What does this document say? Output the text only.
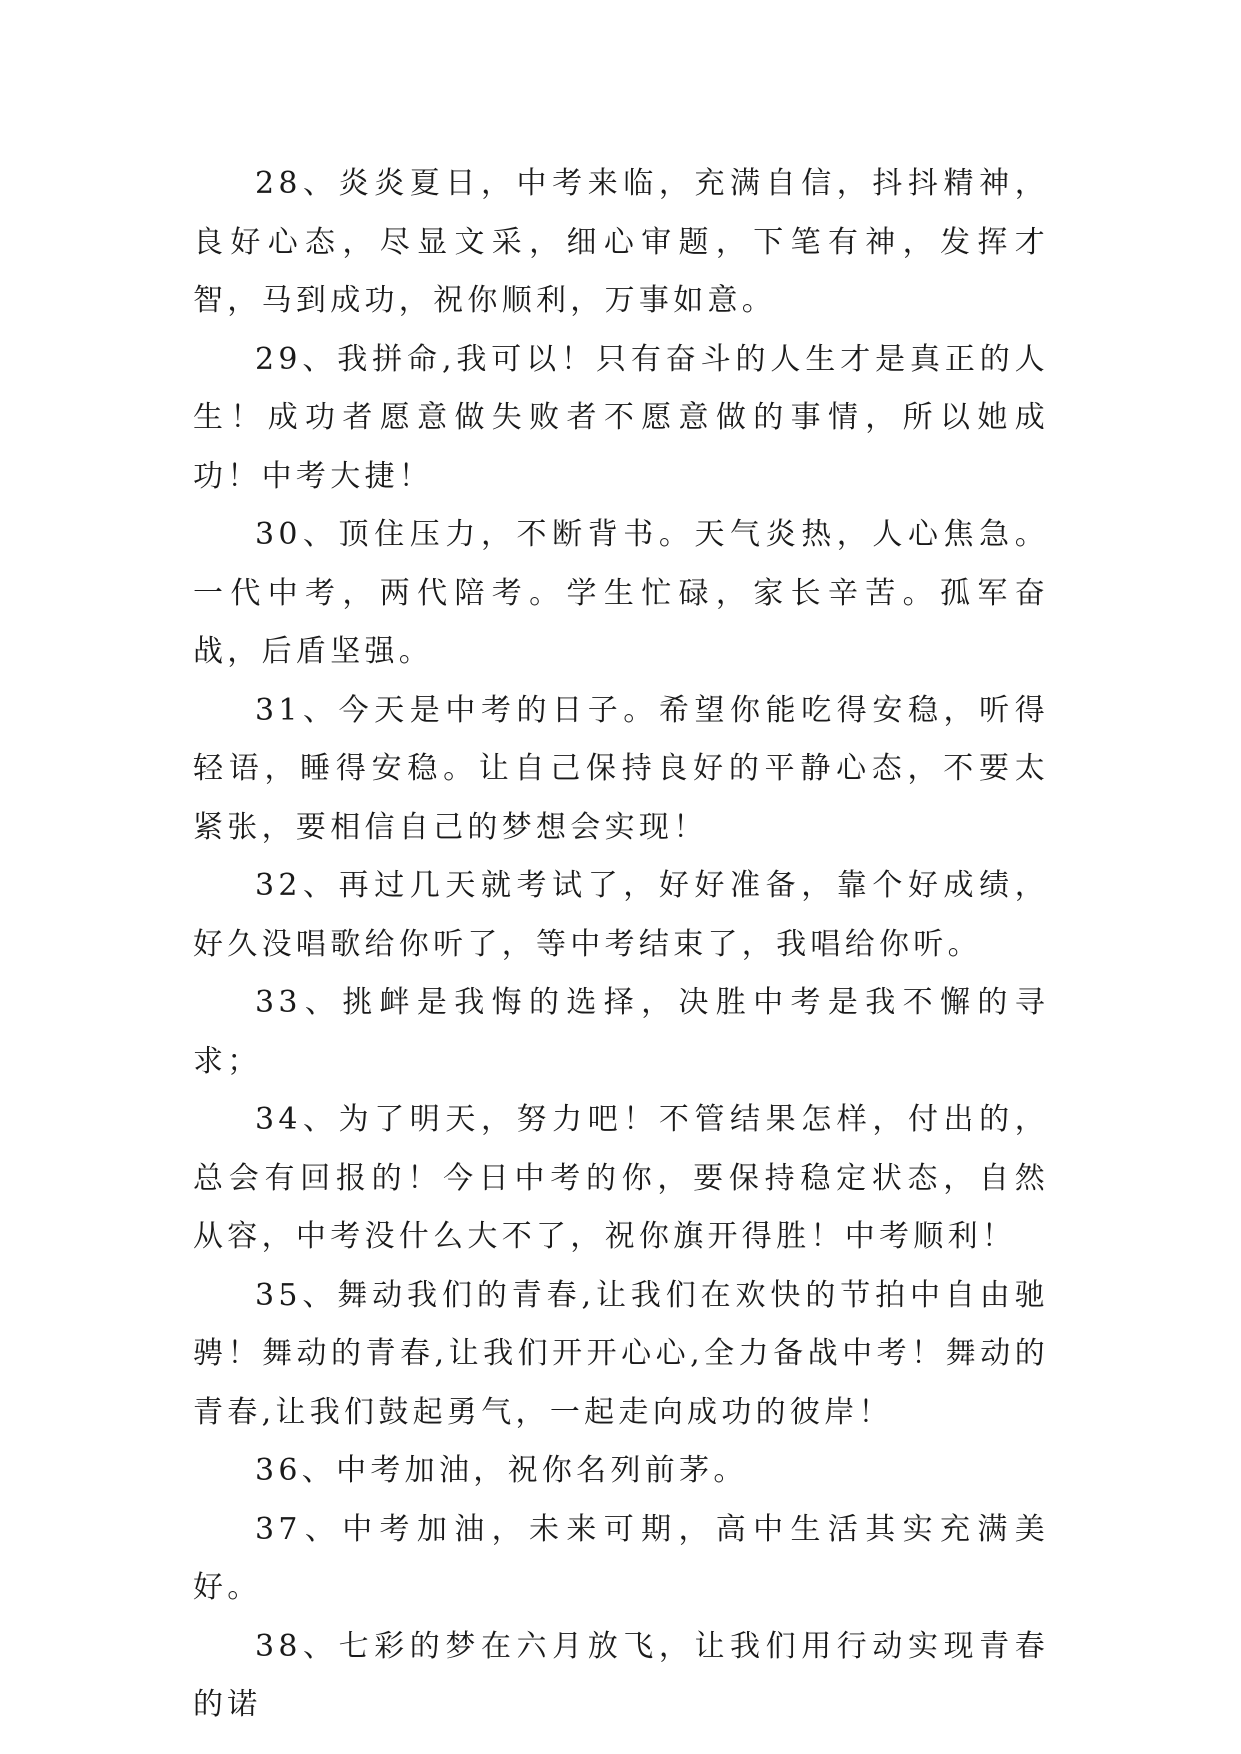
28、炎炎夏日，中考来临，充满自信，抖抖精神，良好心态，尽显文采，细心审题，下笔有神，发挥才智，马到成功，祝你顺利，万事如意。

29、我拼命,我可以！只有奋斗的人生才是真正的人生！成功者愿意做失败者不愿意做的事情，所以她成功！中考大捷！

30、顶住压力，不断背书。天气炎热，人心焦急。一代中考，两代陪考。学生忙碌，家长辛苦。孤军奋战，后盾坚强。

31、今天是中考的日子。希望你能吃得安稳，听得轻语，睡得安稳。让自己保持良好的平静心态，不要太紧张，要相信自己的梦想会实现！

32、再过几天就考试了，好好准备，靠个好成绩，好久没唱歌给你听了，等中考结束了，我唱给你听。

33、挑衅是我悔的选择，决胜中考是我不懈的寻求；

34、为了明天，努力吧！不管结果怎样，付出的，总会有回报的！今日中考的你，要保持稳定状态，自然从容，中考没什么大不了，祝你旗开得胜！中考顺利！

35、舞动我们的青春,让我们在欢快的节拍中自由驰骋！舞动的青春,让我们开开心心,全力备战中考！舞动的青春,让我们鼓起勇气，一起走向成功的彼岸！

36、中考加油，祝你名列前茅。

37、中考加油，未来可期，高中生活其实充满美好。

38、七彩的梦在六月放飞，让我们用行动实现青春的诺
